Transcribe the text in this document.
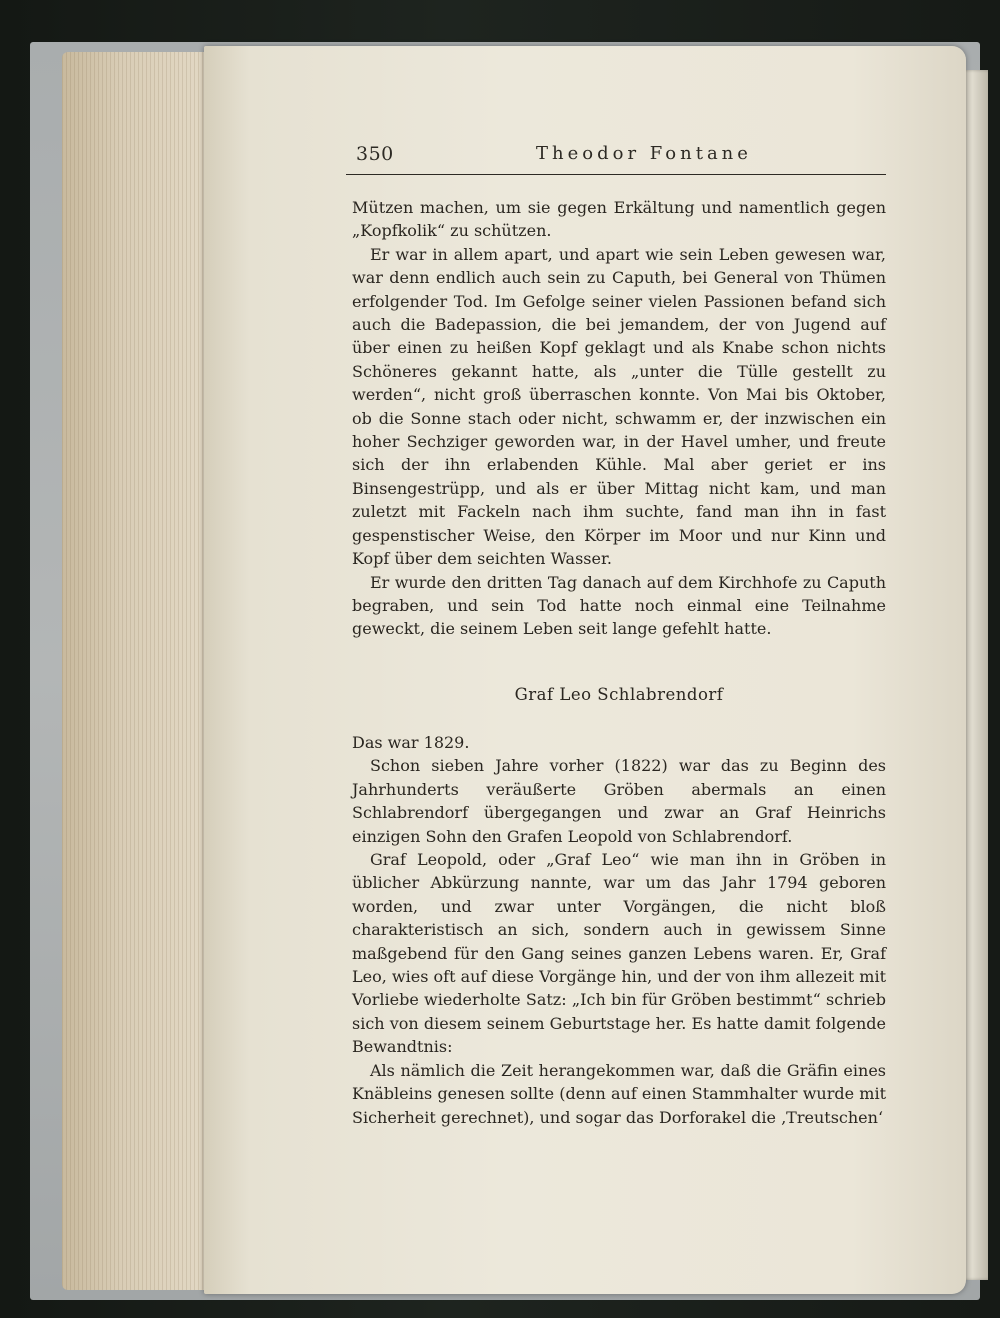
350	Theodor Fontane

Mützen machen, um sie gegen Erkältung und namentlich gegen „Kopfkolik“ zu schützen.

Er war in allem apart, und apart wie sein Leben gewesen war, war denn endlich auch sein zu Caputh, bei General von Thümen erfolgender Tod. Im Gefolge seiner vielen Passionen befand sich auch die Badepassion, die bei jemandem, der von Jugend auf über einen zu heißen Kopf geklagt und als Knabe schon nichts Schöneres gekannt hatte, als „unter die Tülle gestellt zu werden“, nicht groß überraschen konnte. Von Mai bis Oktober, ob die Sonne stach oder nicht, schwamm er, der inzwischen ein hoher Sechziger geworden war, in der Havel umher, und freute sich der ihn erlabenden Kühle. Mal aber geriet er ins Binsengestrüpp, und als er über Mittag nicht kam, und man zuletzt mit Fackeln nach ihm suchte, fand man ihn in fast gespenstischer Weise, den Körper im Moor und nur Kinn und Kopf über dem seichten Wasser.

Er wurde den dritten Tag danach auf dem Kirchhofe zu Caputh begraben, und sein Tod hatte noch einmal eine Teilnahme geweckt, die seinem Leben seit lange gefehlt hatte.

Graf Leo Schlabrendorf

Das war 1829.

Schon sieben Jahre vorher (1822) war das zu Beginn des Jahrhunderts veräußerte Gröben abermals an einen Schlabrendorf übergegangen und zwar an Graf Heinrichs einzigen Sohn den Grafen Leopold von Schlabrendorf.

Graf Leopold, oder „Graf Leo“ wie man ihn in Gröben in üblicher Abkürzung nannte, war um das Jahr 1794 geboren worden, und zwar unter Vorgängen, die nicht bloß charakteristisch an sich, sondern auch in gewissem Sinne maßgebend für den Gang seines ganzen Lebens waren. Er, Graf Leo, wies oft auf diese Vorgänge hin, und der von ihm allezeit mit Vorliebe wiederholte Satz: „Ich bin für Gröben bestimmt“ schrieb sich von diesem seinem Geburtstage her. Es hatte damit folgende Bewandtnis:

Als nämlich die Zeit herangekommen war, daß die Gräfin eines Knäbleins genesen sollte (denn auf einen Stammhalter wurde mit Sicherheit gerechnet), und sogar das Dorforakel die ‚Treutschen‘
